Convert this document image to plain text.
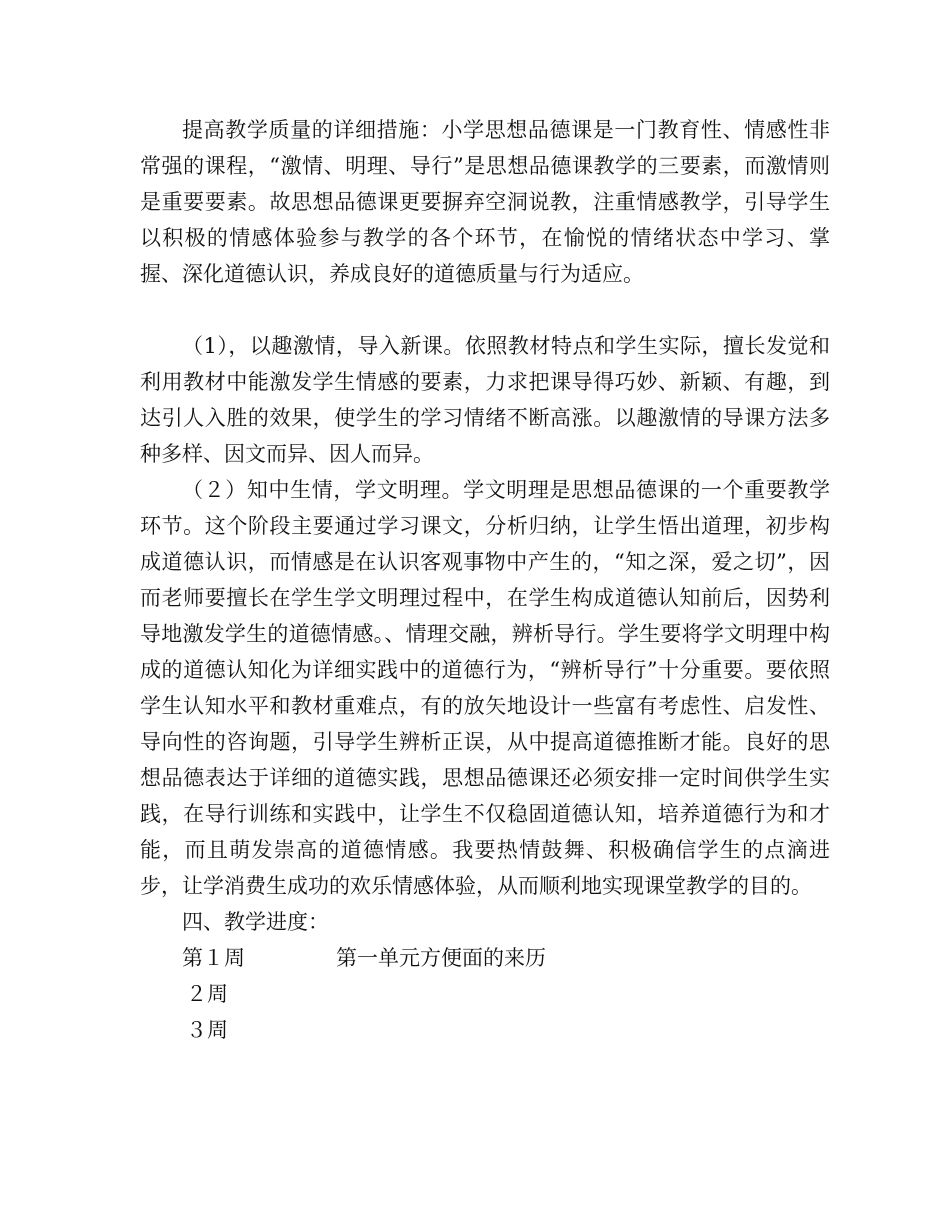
提高教学质量的详细措施：小学思想品德课是一门教育性、情感性非常强的课程，“激情、明理、导行”是思想品德课教学的三要素，而激情则是重要要素。故思想品德课更要摒弃空洞说教，注重情感教学，引导学生以积极的情感体验参与教学的各个环节，在愉悦的情绪状态中学习、掌握、深化道德认识，养成良好的道德质量与行为适应。

（1），以趣激情，导入新课。依照教材特点和学生实际，擅长发觉和利用教材中能激发学生情感的要素，力求把课导得巧妙、新颖、有趣，到达引人入胜的效果，使学生的学习情绪不断高涨。以趣激情的导课方法多种多样、因文而异、因人而异。

（２）知中生情，学文明理。学文明理是思想品德课的一个重要教学环节。这个阶段主要通过学习课文，分析归纳，让学生悟出道理，初步构成道德认识，而情感是在认识客观事物中产生的，“知之深，爱之切”，因而老师要擅长在学生学文明理过程中，在学生构成道德认知前后，因势利导地激发学生的道德情感。、情理交融，辨析导行。学生要将学文明理中构成的道德认知化为详细实践中的道德行为，“辨析导行”十分重要。要依照学生认知水平和教材重难点，有的放矢地设计一些富有考虑性、启发性、导向性的咨询题，引导学生辨析正误，从中提高道德推断才能。良好的思想品德表达于详细的道德实践，思想品德课还必须安排一定时间供学生实践，在导行训练和实践中，让学生不仅稳固道德认知，培养道德行为和才能，而且萌发崇高的道德情感。我要热情鼓舞、积极确信学生的点滴进步，让学消费生成功的欢乐情感体验，从而顺利地实现课堂教学的目的。

四、教学进度：

第１周	第一单元方便面的来历
２周
３周
